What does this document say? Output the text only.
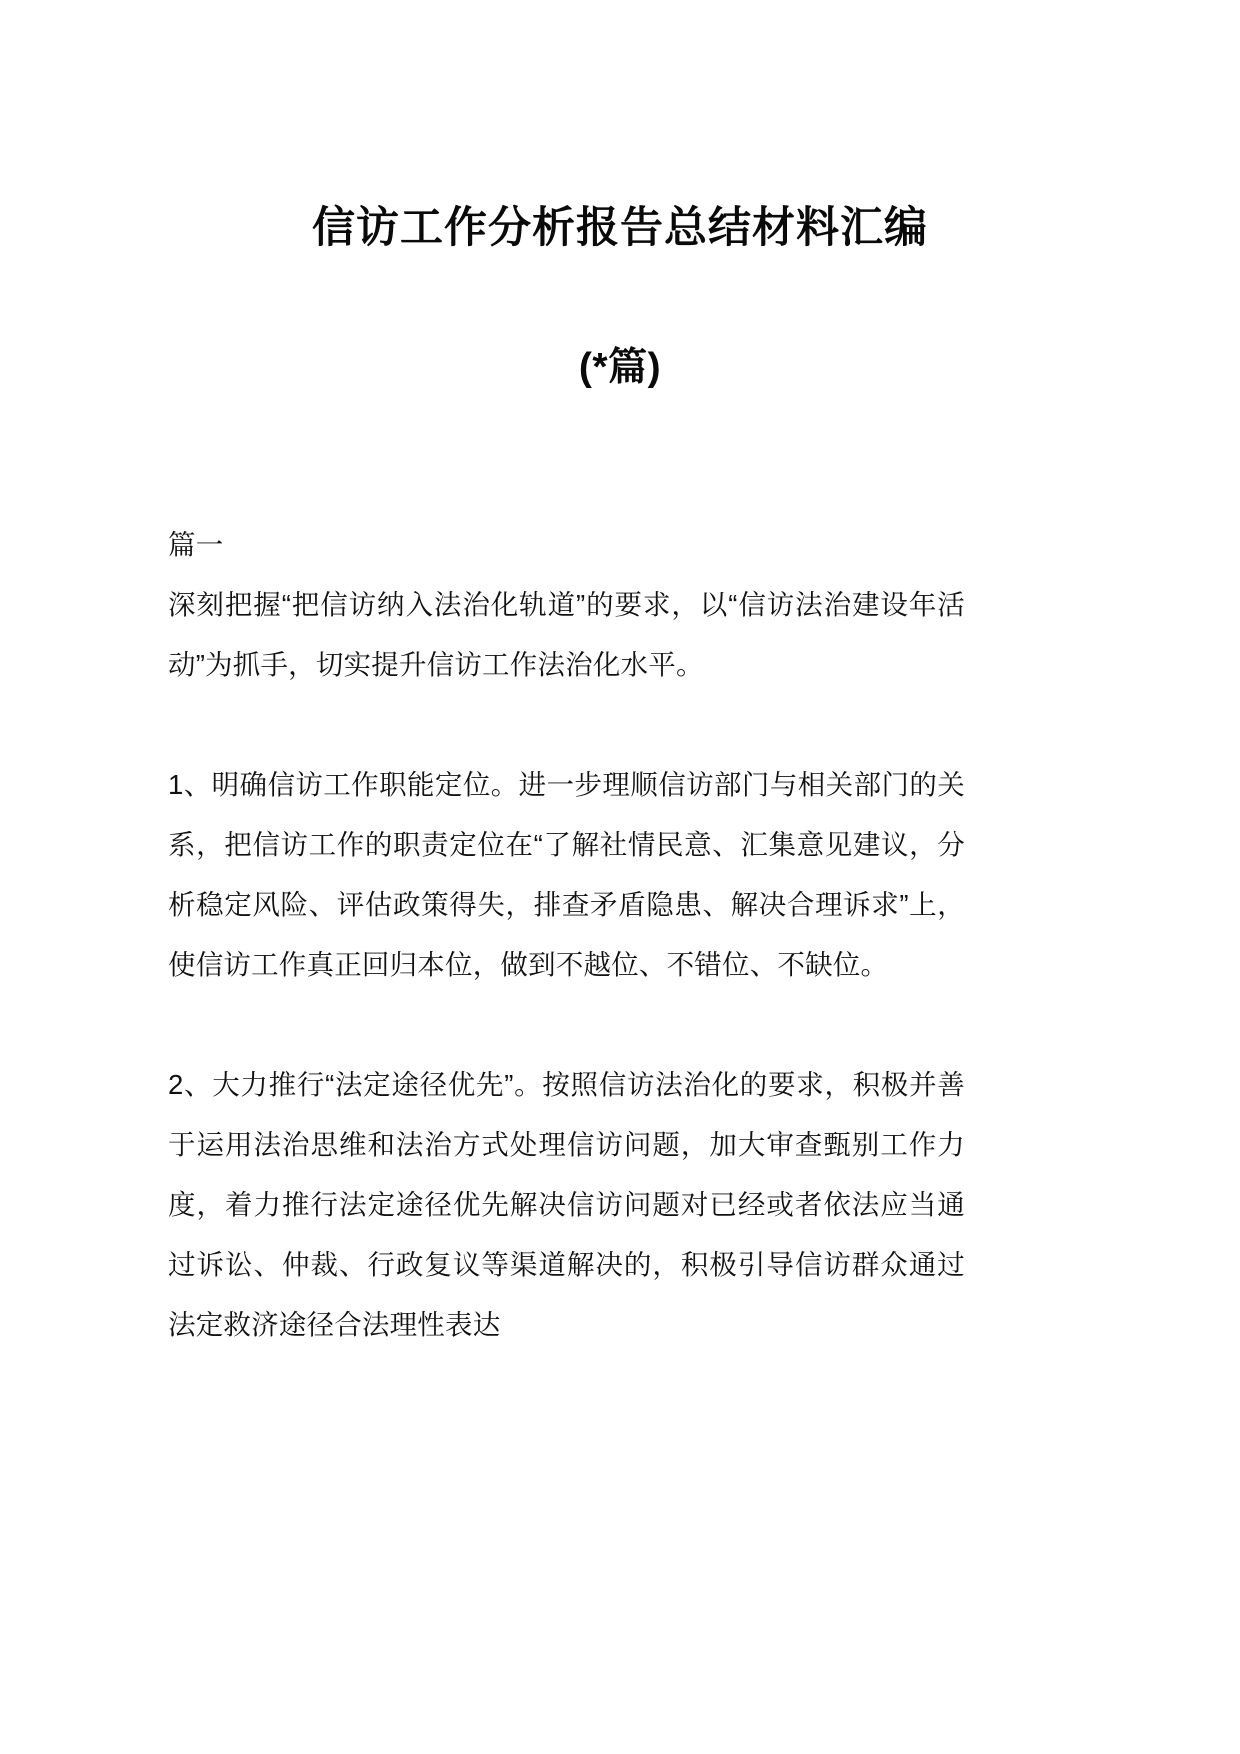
信访工作分析报告总结材料汇编
(*篇)

篇一

深刻把握“把信访纳入法治化轨道”的要求，以“信访法治建设年活动”为抓手，切实提升信访工作法治化水平。

1、明确信访工作职能定位。进一步理顺信访部门与相关部门的关系，把信访工作的职责定位在“了解社情民意、汇集意见建议，分析稳定风险、评估政策得失，排查矛盾隐患、解决合理诉求”上，使信访工作真正回归本位，做到不越位、不错位、不缺位。

2、大力推行“法定途径优先”。按照信访法治化的要求，积极并善于运用法治思维和法治方式处理信访问题，加大审查甄别工作力度，着力推行法定途径优先解决信访问题对已经或者依法应当通过诉讼、仲裁、行政复议等渠道解决的，积极引导信访群众通过法定救济途径合法理性表达
